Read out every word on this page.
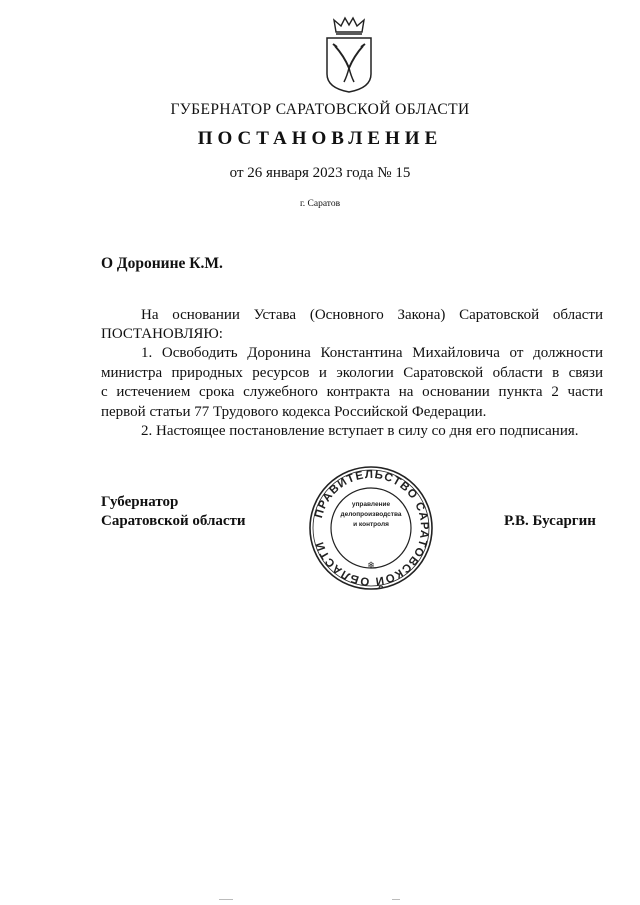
ГУБЕРНАТОР САРАТОВСКОЙ ОБЛАСТИ
ПОСТАНОВЛЕНИЕ
от 26 января 2023 года № 15
г. Саратов
О Доронине К.М.
На основании Устава (Основного Закона) Саратовской области
ПОСТАНОВЛЯЮ:
1. Освободить Доронина Константина Михайловича от должности
министра природных ресурсов и экологии Саратовской области в связи
с истечением срока служебного контракта на основании пункта 2 части
первой статьи 77 Трудового кодекса Российской Федерации.
2. Настоящее постановление вступает в силу со дня его подписания.
Губернатор
Саратовской области	Р.В. Бусаргин
ПРАВИТЕЛЬСТВО САРАТОВСКОЙ ОБЛАСТИ
❄
управление
делопроизводства
и контроля
